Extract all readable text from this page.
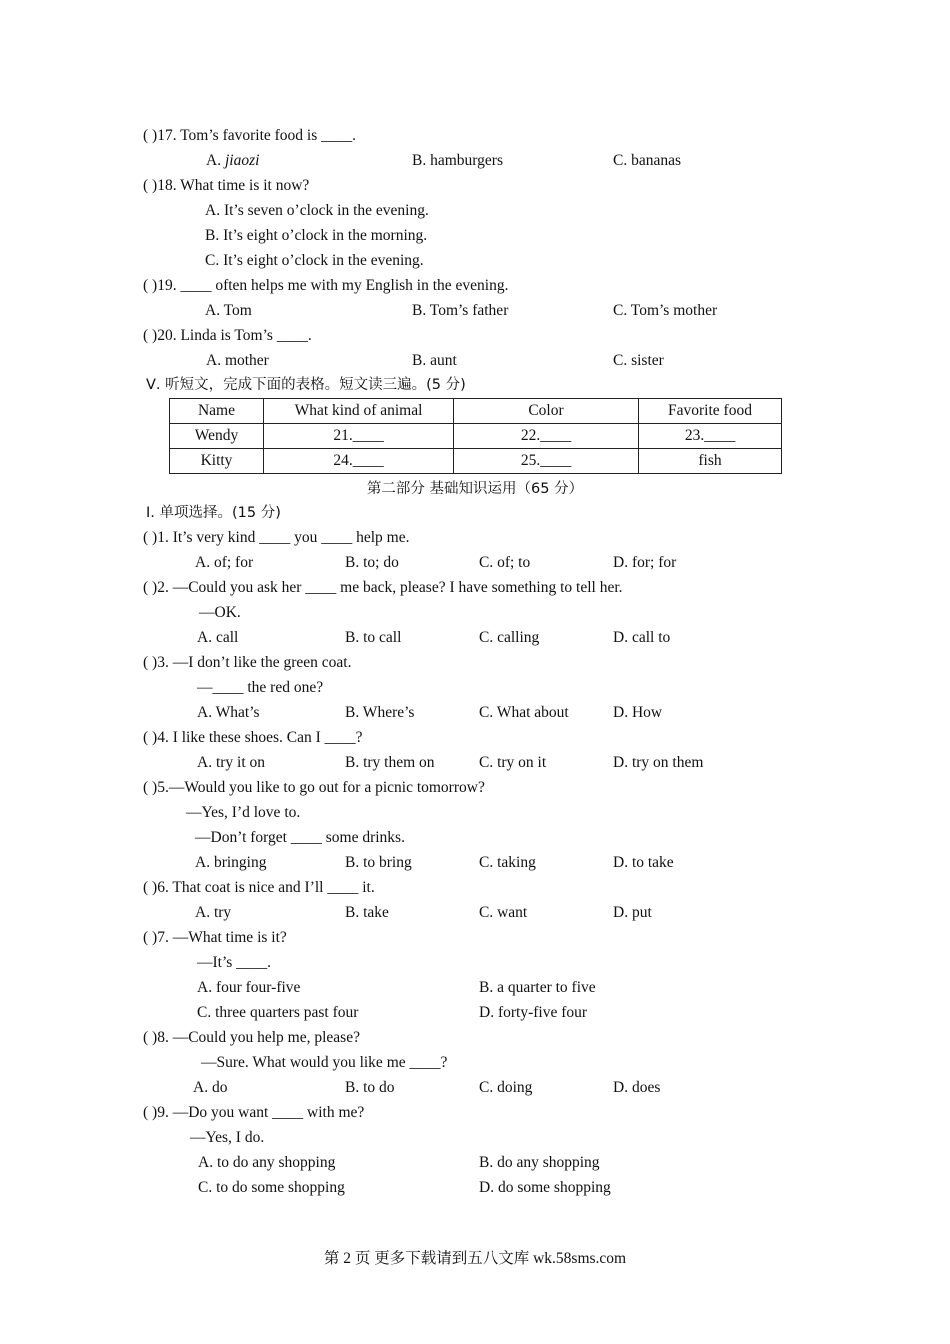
( )17. Tom’s favorite food is ____.
A. jiaozi	B. hamburgers	C. bananas
( )18. What time is it now?
A. It’s seven o’clock in the evening.
B. It’s eight o’clock in the morning.
C. It’s eight o’clock in the evening.
( )19. ____ often helps me with my English in the evening.
A. Tom	B. Tom’s father	C. Tom’s mother
( )20. Linda is Tom’s ____.
A. mother	B. aunt	C. sister
Ⅴ. 听短文，完成下面的表格。短文读三遍。(5 分)
Name	What kind of animal	Color	Favorite food
Wendy	21.____	22.____	23.____
Kitty	24.____	25.____	fish
第二部分 基础知识运用（65 分）
Ⅰ. 单项选择。(15 分)
( )1. It’s very kind ____ you ____ help me.
A. of; for	B. to; do	C. of; to	D. for; for
( )2. —Could you ask her ____ me back, please? I have something to tell her.
—OK.
A. call	B. to call	C. calling	D. call to
( )3. —I don’t like the green coat.
—____ the red one?
A. What’s	B. Where’s	C. What about	D. How
( )4. I like these shoes. Can I ____?
A. try it on	B. try them on	C. try on it	D. try on them
( )5.—Would you like to go out for a picnic tomorrow?
—Yes, I’d love to.
—Don’t forget ____ some drinks.
A. bringing	B. to bring	C. taking	D. to take
( )6. That coat is nice and I’ll ____ it.
A. try	B. take	C. want	D. put
( )7. —What time is it?
—It’s ____.
A. four four-five	B. a quarter to five
C. three quarters past four	D. forty-five four
( )8. —Could you help me, please?
—Sure. What would you like me ____?
A. do	B. to do	C. doing	D. does
( )9. —Do you want ____ with me?
—Yes, I do.
A. to do any shopping	B. do any shopping
C. to do some shopping	D. do some shopping
第 2 页 更多下载请到五八文库 wk.58sms.com
